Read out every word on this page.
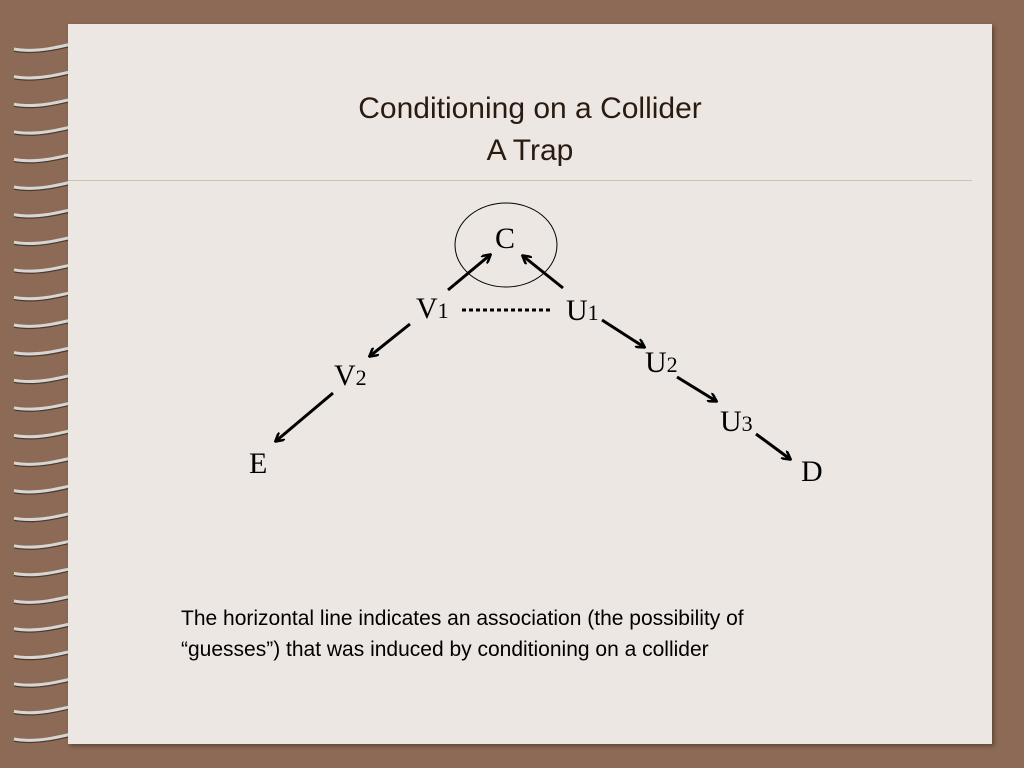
Conditioning on a Collider
A Trap
C
V1	U1
V2	U2
U3
E	D
The horizontal line indicates an association (the possibility of
“guesses”) that was induced by conditioning on a collider
